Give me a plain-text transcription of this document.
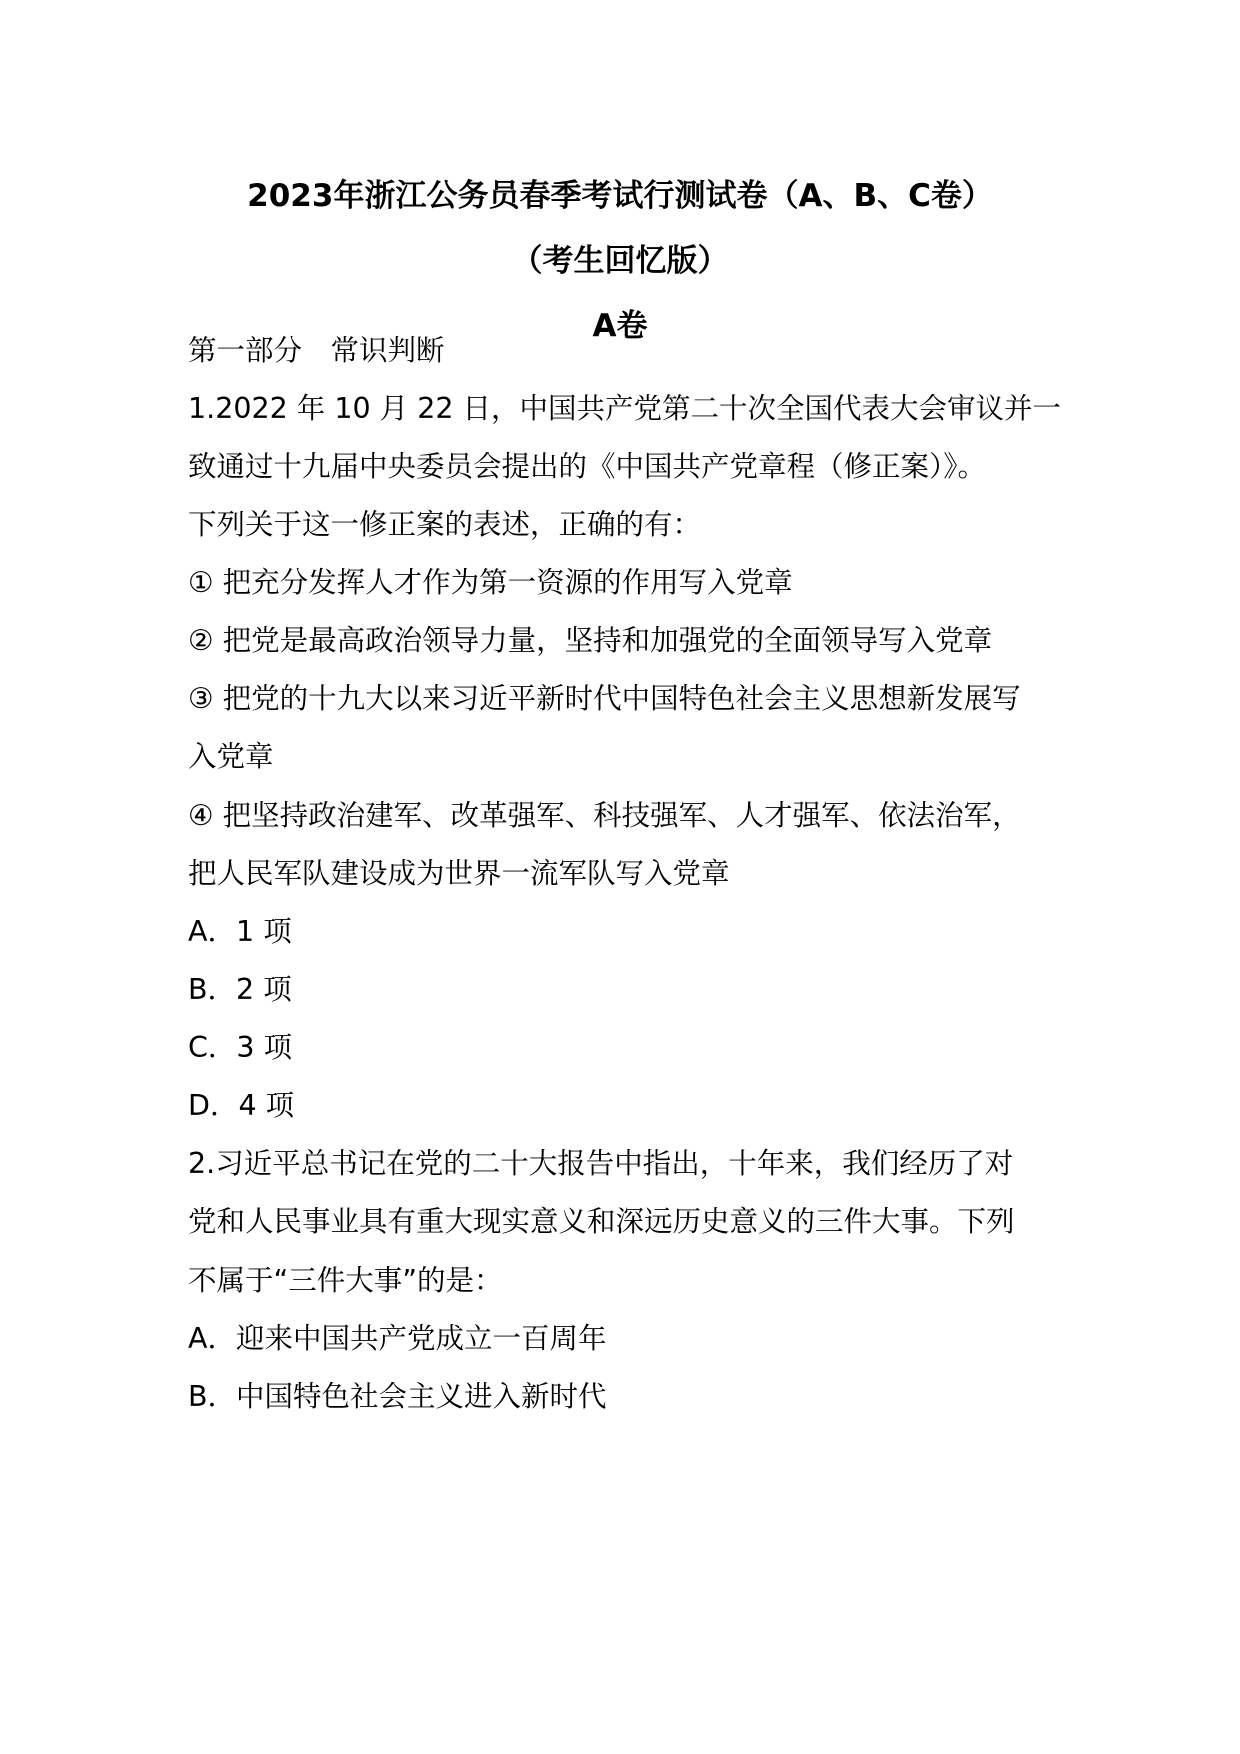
2023年浙江公务员春季考试行测试卷（A、B、C卷）
（考生回忆版）
A卷
第一部分　常识判断
1.2022 年 10 月 22 日，中国共产党第二十次全国代表大会审议并一
致通过十九届中央委员会提出的《中国共产党章程（修正案）》。
下列关于这一修正案的表述，正确的有：
① 把充分发挥人才作为第一资源的作用写入党章
② 把党是最高政治领导力量，坚持和加强党的全面领导写入党章
③ 把党的十九大以来习近平新时代中国特色社会主义思想新发展写
入党章
④ 把坚持政治建军、改革强军、科技强军、人才强军、依法治军，
把人民军队建设成为世界一流军队写入党章
A．1 项
B．2 项
C．3 项
D．4 项
2.习近平总书记在党的二十大报告中指出，十年来，我们经历了对
党和人民事业具有重大现实意义和深远历史意义的三件大事。下列
不属于“三件大事”的是：
A．迎来中国共产党成立一百周年
B．中国特色社会主义进入新时代
